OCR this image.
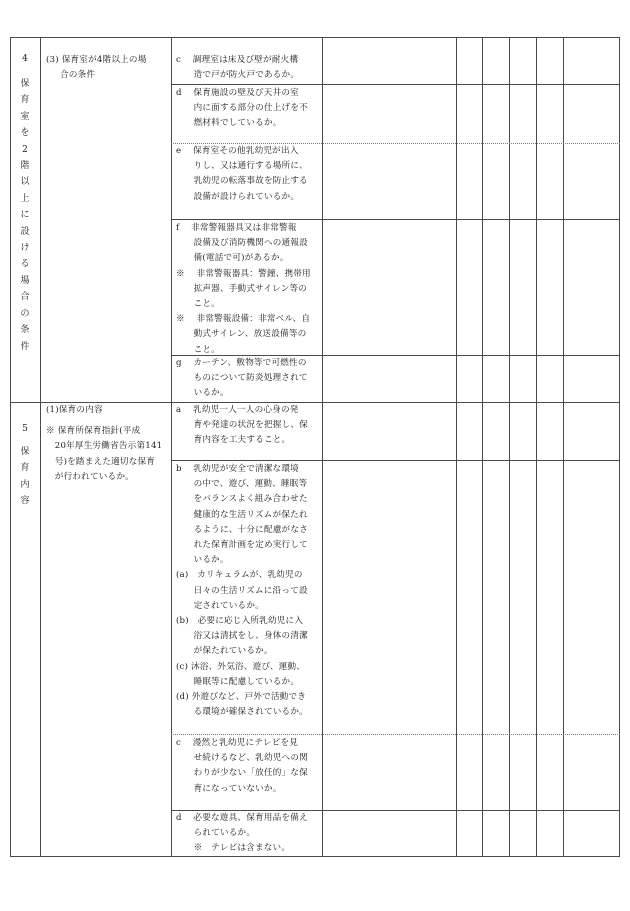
4
保
育
室
を
2
階
以
上
に
設
け
る
場
合
の
条
件
(3) 保育室が4階以上の場
合の条件
c　 調理室は床及び壁が耐火構
　　造で戸が防火戸であるか。
d　 保育施設の壁及び天井の室
　　内に面する部分の仕上げを不
　　燃材料でしているか。
e　 保育室その他乳幼児が出入
　　りし、又は通行する場所に、
　　乳幼児の転落事故を防止する
　　設備が設けられているか。
f　 非常警報器具又は非常警報
　　設備及び消防機関への通報設
　　備(電話で可)があるか。
※　 非常警報器具：警鐘、携帯用
　　拡声器、手動式サイレン等の
　　こと。
※　 非常警報設備：非常ベル、自
　　動式サイレン、放送設備等の
　　こと。
g　 カーテン、敷物等で可燃性の
　　ものについて防炎処理されて
　　いるか。
5
保
育
内
容
(1)保育の内容
※ 保育所保育指針(平成
　20年厚生労働省告示第141
　号)を踏まえた適切な保育
　が行われているか。
a　 乳幼児一人一人の心身の発
　　育や発達の状況を把握し、保
　　育内容を工夫すること。
b　 乳幼児が安全で清潔な環境
　　の中で、遊び、運動、睡眠等
　　をバランスよく組み合わせた
　　健康的な生活リズムが保たれ
　　るように、十分に配慮がなさ
　　れた保育計画を定め実行して
　　いるか。
(a)　カリキュラムが、乳幼児の
　　日々の生活リズムに沿って設
　　定されているか。
(b)　必要に応じ入所乳幼児に入
　　浴又は清拭をし、身体の清潔
　　が保たれているか。
(c) 沐浴、外気浴、遊び、運動、
　　睡眠等に配慮しているか。
(d) 外遊びなど、戸外で活動でき
　　る環境が確保されているか。
c　 漫然と乳幼児にテレビを見
　　せ続けるなど、乳幼児への関
　　わりが少ない「放任的」な保
　　育になっていないか。
d　 必要な遊具、保育用品を備え
　　られているか。
　　※　テレビは含まない。
